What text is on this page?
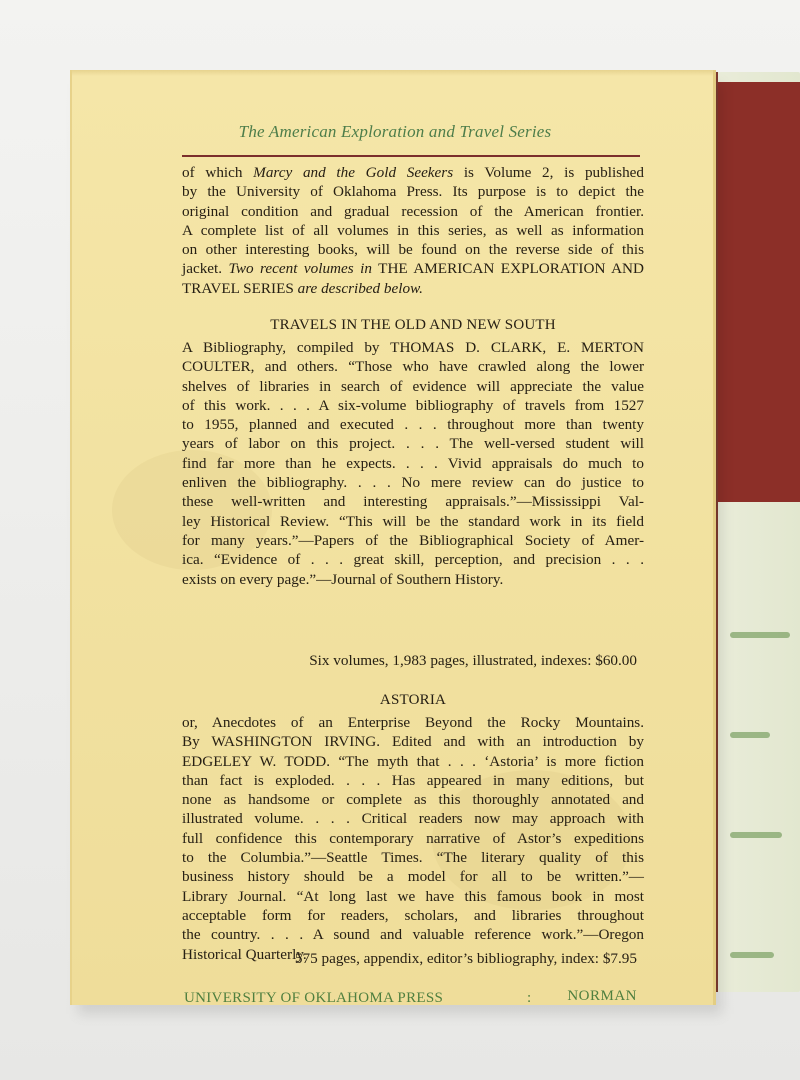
The American Exploration and Travel Series
of which Marcy and the Gold Seekers is Volume 2, is published
by the University of Oklahoma Press. Its purpose is to depict the
original condition and gradual recession of the American frontier.
A complete list of all volumes in this series, as well as information
on other interesting books, will be found on the reverse side of this
jacket. Two recent volumes in THE AMERICAN EXPLORATION AND
TRAVEL SERIES are described below.
TRAVELS IN THE OLD AND NEW SOUTH
A Bibliography, compiled by THOMAS D. CLARK, E. MERTON
COULTER, and others. “Those who have crawled along the lower
shelves of libraries in search of evidence will appreciate the value
of this work. . . . A six-volume bibliography of travels from 1527
to 1955, planned and executed . . . throughout more than twenty
years of labor on this project. . . . The well-versed student will
find far more than he expects. . . . Vivid appraisals do much to
enliven the bibliography. . . . No mere review can do justice to
these well-written and interesting appraisals.”—Mississippi Val-
ley Historical Review. “This will be the standard work in its field
for many years.”—Papers of the Bibliographical Society of Amer-
ica. “Evidence of . . . great skill, perception, and precision . . .
exists on every page.”—Journal of Southern History.
Six volumes, 1,983 pages, illustrated, indexes: $60.00
ASTORIA
or, Anecdotes of an Enterprise Beyond the Rocky Mountains.
By WASHINGTON IRVING. Edited and with an introduction by
EDGELEY W. TODD. “The myth that . . . ‘Astoria’ is more fiction
than fact is exploded. . . . Has appeared in many editions, but
none as handsome or complete as this thoroughly annotated and
illustrated volume. . . . Critical readers now may approach with
full confidence this contemporary narrative of Astor’s expeditions
to the Columbia.”—Seattle Times. “The literary quality of this
business history should be a model for all to be written.”—
Library Journal. “At long last we have this famous book in most
acceptable form for readers, scholars, and libraries throughout
the country. . . . A sound and valuable reference work.”—Oregon
Historical Quarterly.
575 pages, appendix, editor’s bibliography, index: $7.95
UNIVERSITY OF OKLAHOMA PRESS	: NORMAN
